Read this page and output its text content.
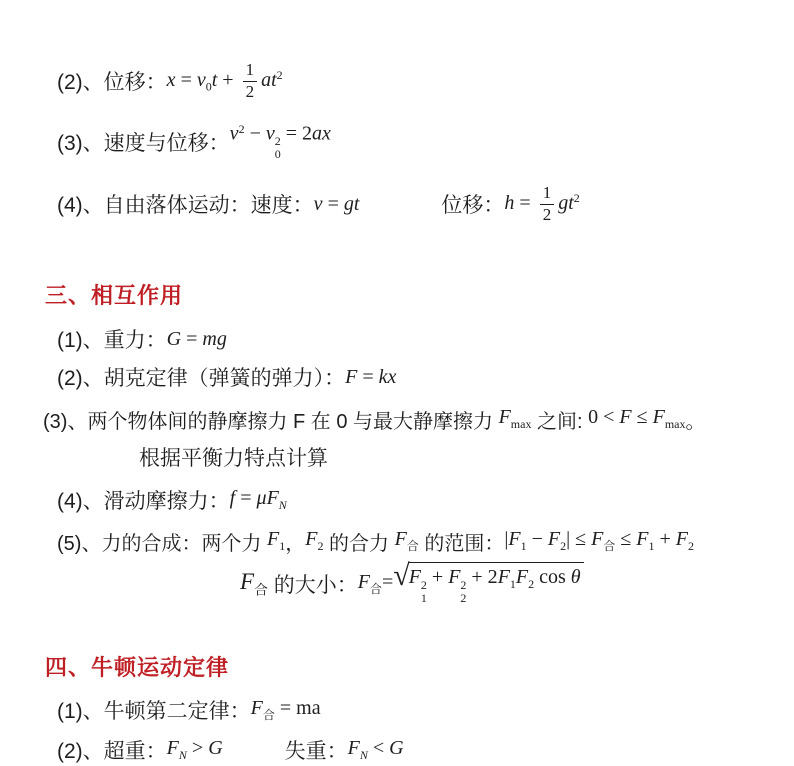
(2)、位移： $x = v_0t + \frac{1}{2} at^2$
(3)、速度与位移： $v^2 - v$ 2
0
= 2ax
(4)、自由落体运动：速度： v = gt	位移： $h = \frac{1}{2} gt^2$
三、相互作用
(1)、重力： G = mg
(2)、胡克定律（弹簧的弹力）： F = kx
(3)、两个物体间的静摩擦力 F 在 0 与最大静摩擦力 $F_{max}$ 之间: $0 < F \le F_{max}$ 。
根据平衡力特点计算
(4)、滑动摩擦力： $f = \mu F_N$
(5)、力的合成：两个力 $F_1$ ， $F_2$ 的合力 $F_合$ 的范围： $|F_1 - F_2| \le F_合 \le F_1 + F_2$
$F_合$ 的大小： $F_合=$ √ F 2
1
+ F 2
2
+ $2F_1F_2$ cos θ
四、牛顿运动定律
(1)、牛顿第二定律： $F_合$ = ma
(2)、超重： $F_N > G$	失重： $F_N < G$
